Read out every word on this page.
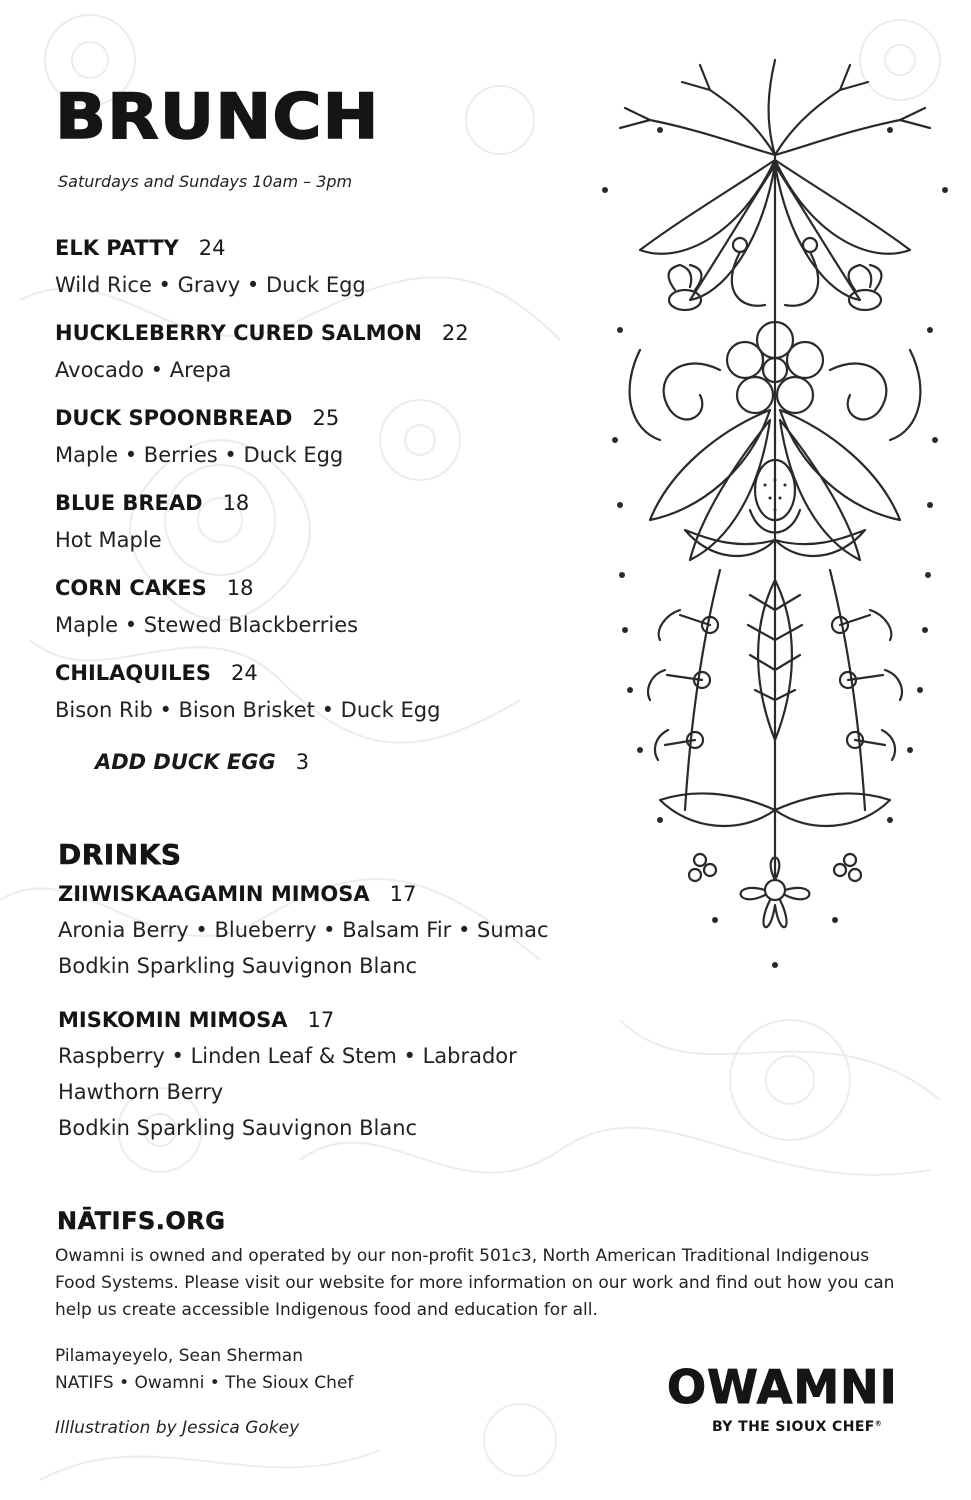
BRUNCH
Saturdays and Sundays 10am – 3pm
ELK PATTY 24
Wild Rice • Gravy • Duck Egg
HUCKLEBERRY CURED SALMON 22
Avocado • Arepa
DUCK SPOONBREAD 25
Maple • Berries • Duck Egg
BLUE BREAD 18
Hot Maple
CORN CAKES 18
Maple • Stewed Blackberries
CHILAQUILES 24
Bison Rib • Bison Brisket • Duck Egg
ADD DUCK EGG 3
DRINKS
ZIIWISKAAGAMIN MIMOSA 17
Aronia Berry • Blueberry • Balsam Fir • Sumac
Bodkin Sparkling Sauvignon Blanc
MISKOMIN MIMOSA 17
Raspberry • Linden Leaf & Stem • Labrador
Hawthorn Berry
Bodkin Sparkling Sauvignon Blanc
NĀTIFS.ORG
Owamni is owned and operated by our non-profit 501c3, North American Traditional Indigenous Food Systems. Please visit our website for more information on our work and find out how you can help us create accessible Indigenous food and education for all.
Pilamayeyelo, Sean Sherman
NATIFS • Owamni • The Sioux Chef
Illlustration by Jessica Gokey
OWAMNI
BY THE SIOUX CHEF®
